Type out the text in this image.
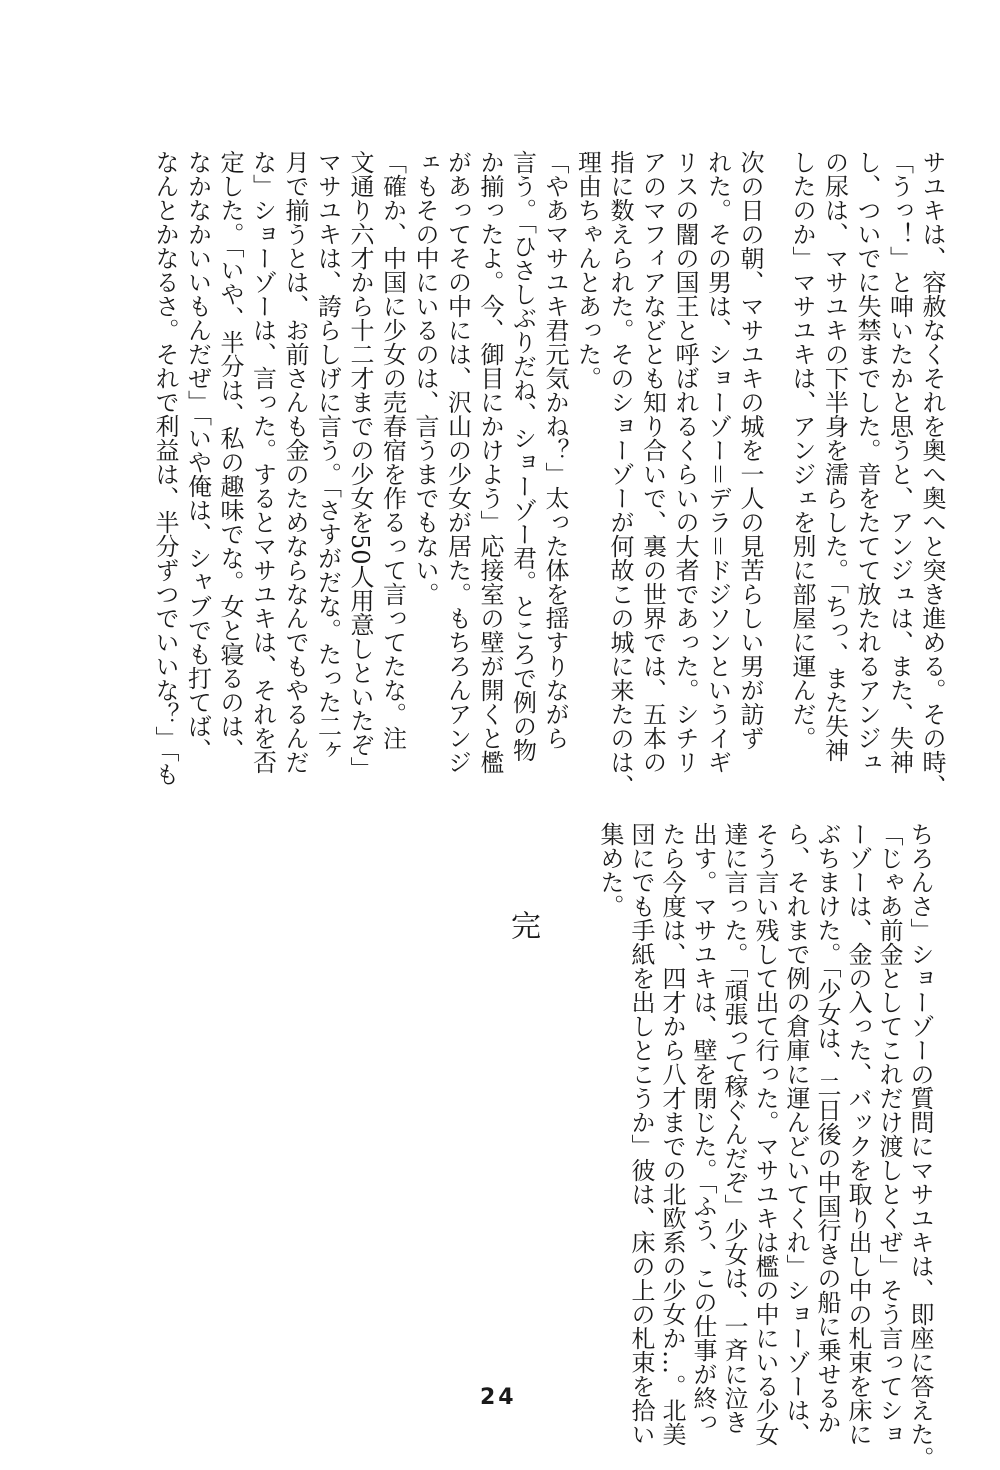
サユキは、容赦なくそれを奥へ奥へと突き進める。その時、
「うっ！」と呻いたかと思うと、アンジュは、また、失神
し、ついでに失禁までした。音をたてて放たれるアンジュ
の尿は、マサユキの下半身を濡らした。「ちっ、また失神
したのか」マサユキは、アンジェを別に部屋に運んだ。
次の日の朝、マサユキの城を一人の見苦らしい男が訪ず
れた。その男は、ショーゾー＝デラ＝ドジソンというイギ
リスの闇の国王と呼ばれるくらいの大者であった。シチリ
アのマフィアなどとも知り合いで、裏の世界では、五本の
指に数えられた。そのショーゾーが何故この城に来たのは、
理由ちゃんとあった。
「やあマサユキ君元気かね？」太った体を揺すりながら
言う。「ひさしぶりだね、ショーゾー君。ところで例の物
か揃ったよ。今、御目にかけよう」応接室の壁が開くと檻
があってその中には、沢山の少女が居た。もちろんアンジ
ェもその中にいるのは、言うまでもない。
「確か、中国に少女の売春宿を作るって言ってたな。注
文通り六才から十二才までの少女を50人用意しといたぞ」
マサユキは、誇らしげに言う。「さすがだな。たった二ヶ
月で揃うとは、お前さんも金のためならなんでもやるんだ
な」ショーゾーは、言った。するとマサユキは、それを否
定した。「いや、半分は、私の趣味でな。女と寝るのは、
なかなかいいもんだぜ」「いや俺は、シャブでも打てば、
なんとかなるさ。それで利益は、半分ずつでいいな？」「も
ちろんさ」ショーゾーの質問にマサユキは、即座に答えた。
「じゃあ前金としてこれだけ渡しとくぜ」そう言ってショ
ーゾーは、金の入った、バックを取り出し中の札束を床に
ぶちまけた。「少女は、二日後の中国行きの船に乗せるか
ら、それまで例の倉庫に運んどいてくれ」ショーゾーは、
そう言い残して出て行った。マサユキは檻の中にいる少女
達に言った。「頑張って稼ぐんだぞ」少女は、一斉に泣き
出す。マサユキは、壁を閉じた。「ふう、この仕事が終っ
たら今度は、四才から八才までの北欧系の少女か…。北美
団にでも手紙を出しとこうか」彼は、床の上の札束を拾い
集めた。
完
24
